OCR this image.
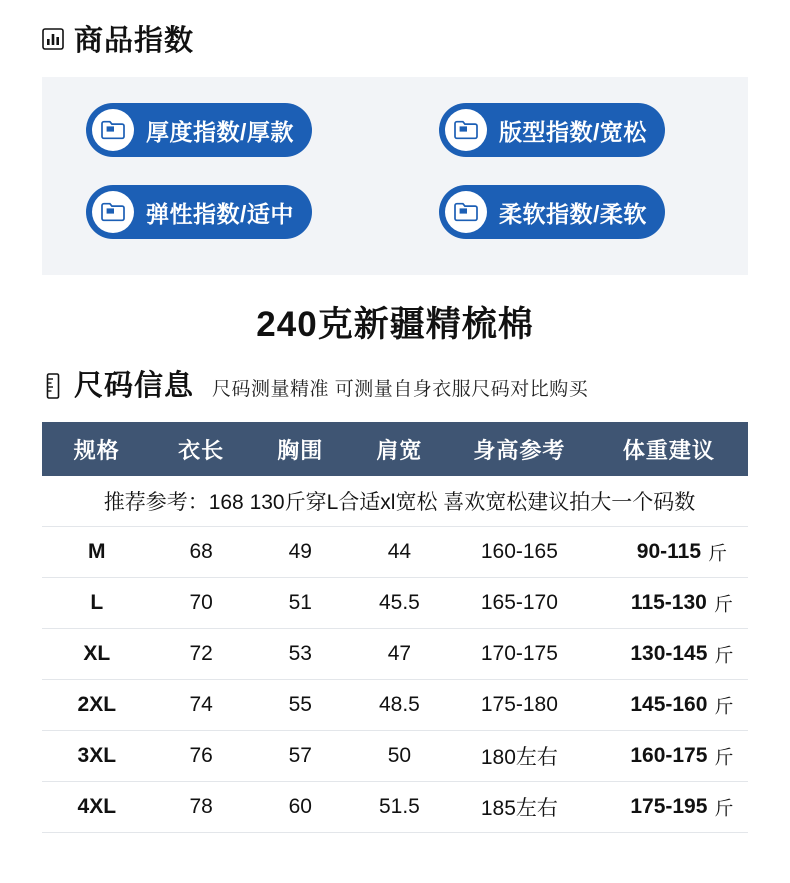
商品指数
厚度指数/厚款	版型指数/宽松
弹性指数/适中	柔软指数/柔软
240克新疆精梳棉
尺码信息 尺码测量精准 可测量自身衣服尺码对比购买
规格	衣长	胸围	肩宽	身高参考	体重建议
推荐参考：168 130斤穿L合适xl宽松 喜欢宽松建议拍大一个码数					
M	68	49	44	160-165	90-115 斤

L	70	51	45.5	165-170	115-130 斤

XL	72	53	47	170-175	130-145 斤

2XL	74	55	48.5	175-180	145-160 斤

3XL	76	57	50	180左右	160-175 斤

4XL	78	60	51.5	185左右	175-195 斤
